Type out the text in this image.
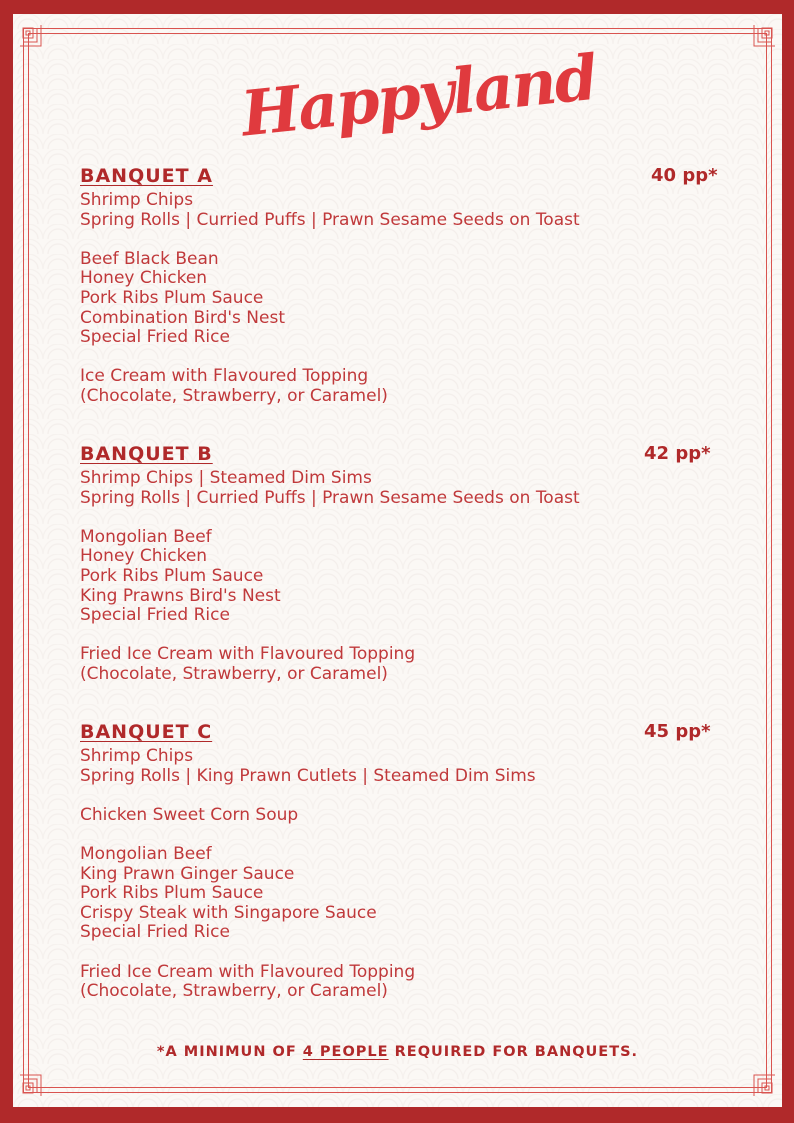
Happyland
BANQUET A	40 pp*
Shrimp Chips
Spring Rolls | Curried Puffs | Prawn Sesame Seeds on Toast
Beef Black Bean
Honey Chicken
Pork Ribs Plum Sauce
Combination Bird's Nest
Special Fried Rice
Ice Cream with Flavoured Topping
(Chocolate, Strawberry, or Caramel)
BANQUET B	42 pp*
Shrimp Chips | Steamed Dim Sims
Spring Rolls | Curried Puffs | Prawn Sesame Seeds on Toast
Mongolian Beef
Honey Chicken
Pork Ribs Plum Sauce
King Prawns Bird's Nest
Special Fried Rice
Fried Ice Cream with Flavoured Topping
(Chocolate, Strawberry, or Caramel)
BANQUET C	45 pp*
Shrimp Chips
Spring Rolls | King Prawn Cutlets | Steamed Dim Sims
Chicken Sweet Corn Soup
Mongolian Beef
King Prawn Ginger Sauce
Pork Ribs Plum Sauce
Crispy Steak with Singapore Sauce
Special Fried Rice
Fried Ice Cream with Flavoured Topping
(Chocolate, Strawberry, or Caramel)
*A MINIMUN OF 4 PEOPLE REQUIRED FOR BANQUETS.
